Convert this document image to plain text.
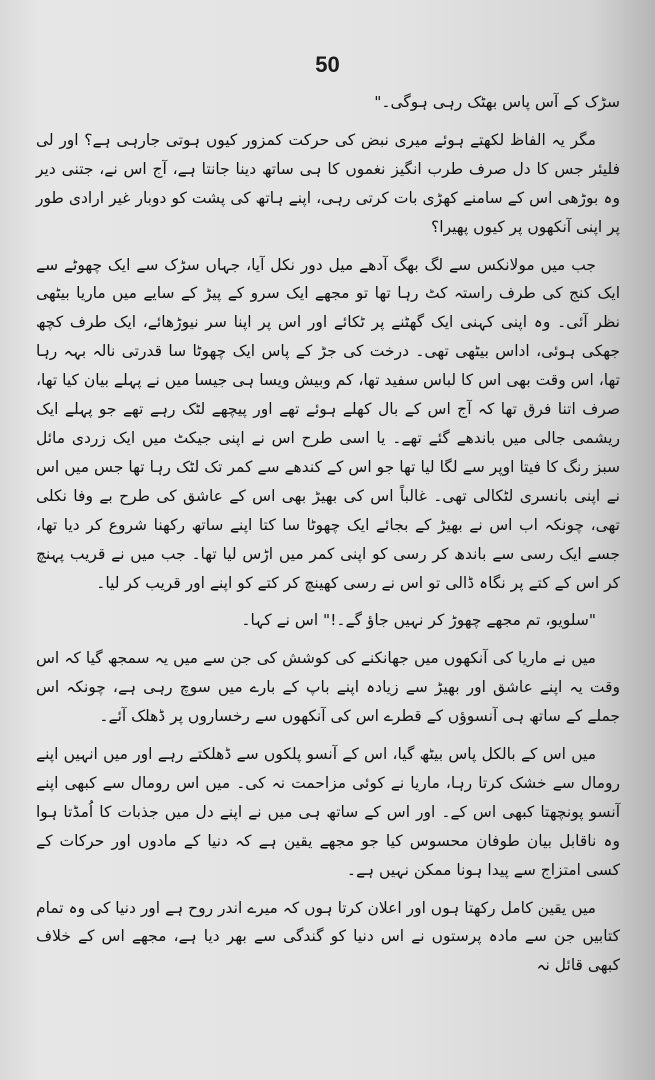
50

سڑک کے آس پاس بھٹک رہی ہوگی۔"

مگر یہ الفاظ لکھتے ہوئے میری نبض کی حرکت کمزور کیوں ہوتی جارہی ہے؟ اور لی فلیئر جس کا دل صرف طرب انگیز نغموں کا ہی ساتھ دینا جانتا ہے، آج اس نے، جتنی دیر وہ بوڑھی اس کے سامنے کھڑی بات کرتی رہی، اپنے ہاتھ کی پشت کو دوبار غیر ارادی طور پر اپنی آنکھوں پر کیوں پھیرا؟

جب میں مولانکس سے لگ بھگ آدھے میل دور نکل آیا، جہاں سڑک سے ایک چھوٹے سے ایک کنج کی طرف راستہ کٹ رہا تھا تو مجھے ایک سرو کے پیڑ کے سایے میں ماریا بیٹھی نظر آئی۔ وہ اپنی کہنی ایک گھٹنے پر ٹکائے اور اس پر اپنا سر نیوڑھائے، ایک طرف کچھ جھکی ہوئی، اداس بیٹھی تھی۔ درخت کی جڑ کے پاس ایک چھوٹا سا قدرتی نالہ بہہ رہا تھا، اس وقت بھی اس کا لباس سفید تھا، کم وبیش ویسا ہی جیسا میں نے پہلے بیان کیا تھا، صرف اتنا فرق تھا کہ آج اس کے بال کھلے ہوئے تھے اور پیچھے لٹک رہے تھے جو پہلے ایک ریشمی جالی میں باندھے گئے تھے۔ یا اسی طرح اس نے اپنی جیکٹ میں ایک زردی مائل سبز رنگ کا فیتا اوپر سے لگا لیا تھا جو اس کے کندھے سے کمر تک لٹک رہا تھا جس میں اس نے اپنی بانسری لٹکالی تھی۔ غالباً اس کی بھیڑ بھی اس کے عاشق کی طرح بے وفا نکلی تھی، چونکہ اب اس نے بھیڑ کے بجائے ایک چھوٹا سا کتا اپنے ساتھ رکھنا شروع کر دیا تھا، جسے ایک رسی سے باندھ کر رسی کو اپنی کمر میں اڑس لیا تھا۔ جب میں نے قریب پہنچ کر اس کے کتے پر نگاہ ڈالی تو اس نے رسی کھینچ کر کتے کو اپنے اور قریب کر لیا۔

"سلویو، تم مجھے چھوڑ کر نہیں جاؤ گے۔!" اس نے کہا۔

میں نے ماریا کی آنکھوں میں جھانکنے کی کوشش کی جن سے میں یہ سمجھ گیا کہ اس وقت یہ اپنے عاشق اور بھیڑ سے زیادہ اپنے باپ کے بارے میں سوچ رہی ہے، چونکہ اس جملے کے ساتھ ہی آنسوؤں کے قطرے اس کی آنکھوں سے رخساروں پر ڈھلک آئے۔

میں اس کے بالکل پاس بیٹھ گیا، اس کے آنسو پلکوں سے ڈھلکتے رہے اور میں انہیں اپنے رومال سے خشک کرتا رہا، ماریا نے کوئی مزاحمت نہ کی۔ میں اس رومال سے کبھی اپنے آنسو پونچھتا کبھی اس کے۔ اور اس کے ساتھ ہی میں نے اپنے دل میں جذبات کا اُمڈتا ہوا وہ ناقابل بیان طوفان محسوس کیا جو مجھے یقین ہے کہ دنیا کے مادوں اور حرکات کے کسی امتزاج سے پیدا ہونا ممکن نہیں ہے۔

میں یقین کامل رکھتا ہوں اور اعلان کرتا ہوں کہ میرے اندر روح ہے اور دنیا کی وہ تمام کتابیں جن سے مادہ پرستوں نے اس دنیا کو گندگی سے بھر دیا ہے، مجھے اس کے خلاف کبھی قائل نہ
